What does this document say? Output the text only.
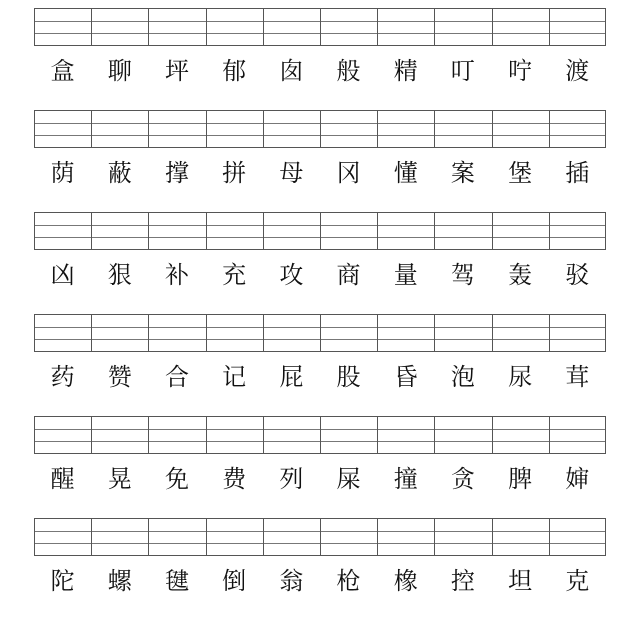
盒	聊	坪	郁	囱	般	精	叮	咛	渡
荫	蔽	撑	拼	母	冈	懂	案	堡	插
凶	狠	补	充	攻	商	量	驾	轰	驳
药	赞	合	记	屁	股	昏	泡	尿	茸
醒	晃	免	费	列	屎	撞	贪	脾	婶
陀	螺	毽	倒	翁	枪	橡	控	坦	克
